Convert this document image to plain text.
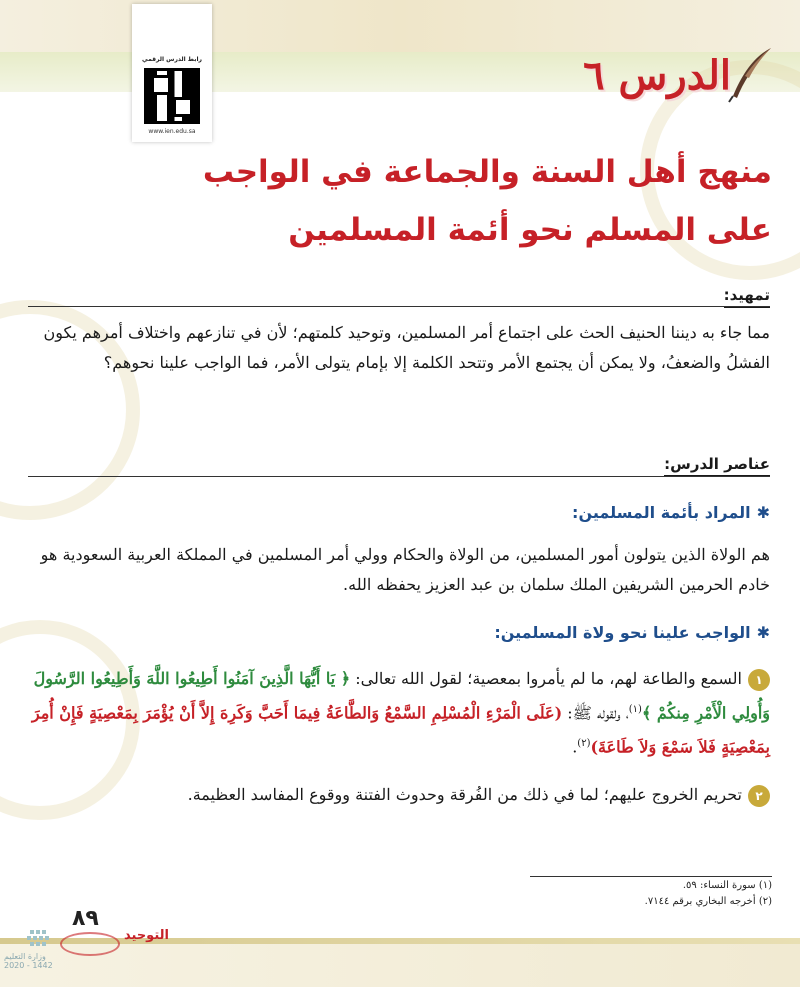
رابط الدرس الرقمي
www.ien.edu.sa
الدرس ٦
منهج أهل السنة والجماعة في الواجب
على المسلم نحو أئمة المسلمين
تمهيد:
مما جاء به ديننا الحنيف الحث على اجتماع أمر المسلمين، وتوحيد كلمتهم؛ لأن في تنازعهم واختلاف أمرهم يكون الفشلُ والضعفُ، ولا يمكن أن يجتمع الأمر وتتحد الكلمة إلا بإمام يتولى الأمر، فما الواجب علينا نحوهم؟
عناصر الدرس:
✱المراد بأئمة المسلمين:
هم الولاة الذين يتولون أمور المسلمين، من الولاة والحكام وولي أمر المسلمين في المملكة العربية السعودية هو خادم الحرمين الشريفين الملك سلمان بن عبد العزيز يحفظه الله.
✱الواجب علينا نحو ولاة المسلمين:
١السمع والطاعة لهم، ما لم يأمروا بمعصية؛ لقول الله تعالى: ﴿ يَا أَيُّهَا الَّذِينَ آمَنُوا أَطِيعُوا اللَّهَ وَأَطِيعُوا الرَّسُولَ وَأُولِي الْأَمْرِ مِنكُمْ ﴾$^{(١)}$، ولقوله ﷺ: (عَلَى الْمَرْءِ الْمُسْلِمِ السَّمْعُ وَالطَّاعَةُ فِيمَا أَحَبَّ وَكَرِهَ إِلاَّ أَنْ يُؤْمَرَ بِمَعْصِيَةٍ فَإِنْ أُمِرَ بِمَعْصِيَةٍ فَلاَ سَمْعَ وَلاَ طَاعَةَ)$^{(٢)}$.
٢تحريم الخروج عليهم؛ لما في ذلك من الفُرقة وحدوث الفتنة ووقوع المفاسد العظيمة.
(١) سورة النساء: ٥٩.
(٢) أخرجه البخاري برقم ٧١٤٤.
٨٩
التوحيد
وزارة التعليم
2020 - 1442
